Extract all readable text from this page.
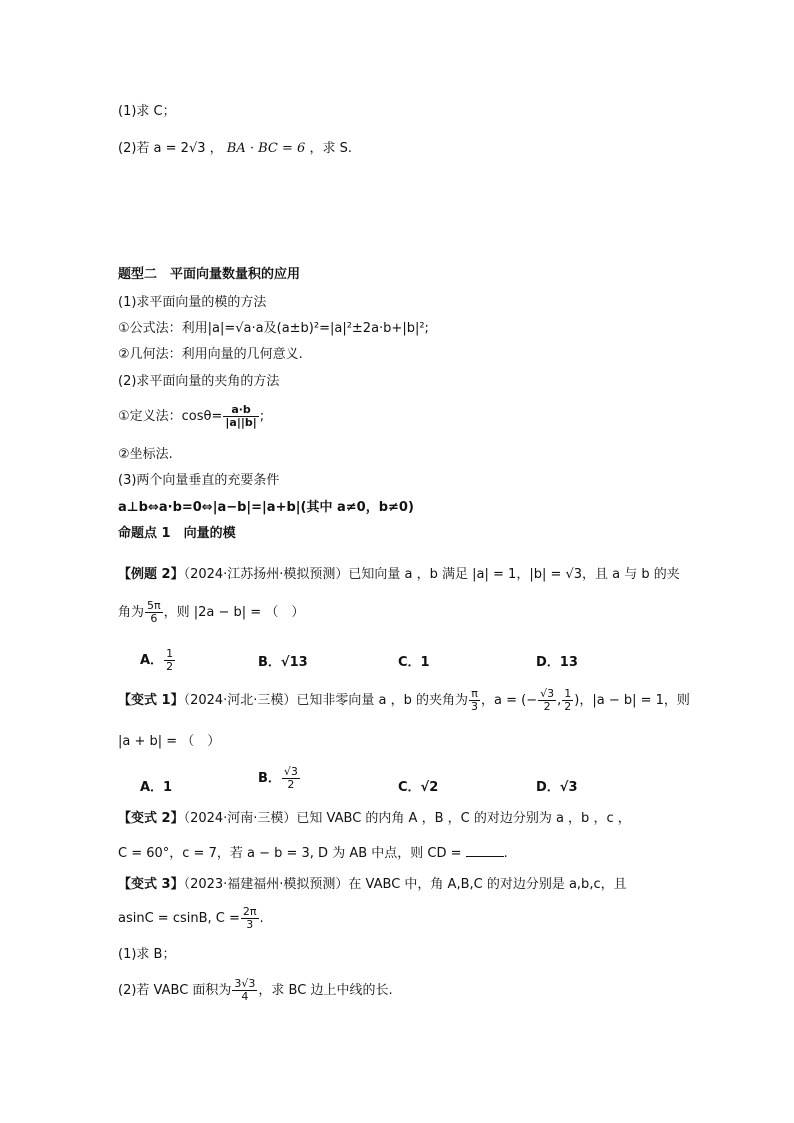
(1)求 C；
(2)若 a = 2√3 ， BA · BC = 6 ，求 S.
题型二　平面向量数量积的应用
(1)求平面向量的模的方法
①公式法：利用|a|=√a·a及(a±b)²=|a|²±2a·b+|b|²;
②几何法：利用向量的几何意义.
(2)求平面向量的夹角的方法
①定义法：$\cos\theta= \frac{a\cdot b}{|a||b|}$ ;
②坐标法.
(3)两个向量垂直的充要条件
a⊥b⇔a·b=0⇔|a−b|=|a+b|(其中 a≠0，b≠0)
命题点 1　向量的模
【例题 2】（2024·江苏扬州·模拟预测）已知向量 a ，b 满足 |a| = 1，|b| = √3，且 a 与 b 的夹
角为 $\frac{5\pi}{6}$ ，则 |2a − b| = （　）
A． $\frac{1}{2}$	B．√13	C．1	D．13
【变式 1】（2024·河北·三模）已知非零向量 a ，b 的夹角为 $\frac{\pi}{3}$ ，a = (− $\frac{√3}{2}$ , $\frac{1}{2}$ )，|a − b| = 1，则
|a + b| = （　）
A．1
B． $\frac{√3}{2}$	C．√2	D．√3
【变式 2】（2024·河南·三模）已知 VABC 的内角 A ，B ，C 的对边分别为 a ，b ，c ，
C = 60°，c = 7，若 a − b = 3, D 为 AB 中点，则 CD =	.
【变式 3】（2023·福建福州·模拟预测）在 VABC 中，角 A,B,C 的对边分别是 a,b,c，且
asinC = csinB, $C = \frac{2\pi}{3}$ .
(1)求 B；
(2)若 VABC 面积为 $\frac{3√3}{4}$ ，求 BC 边上中线的长.
